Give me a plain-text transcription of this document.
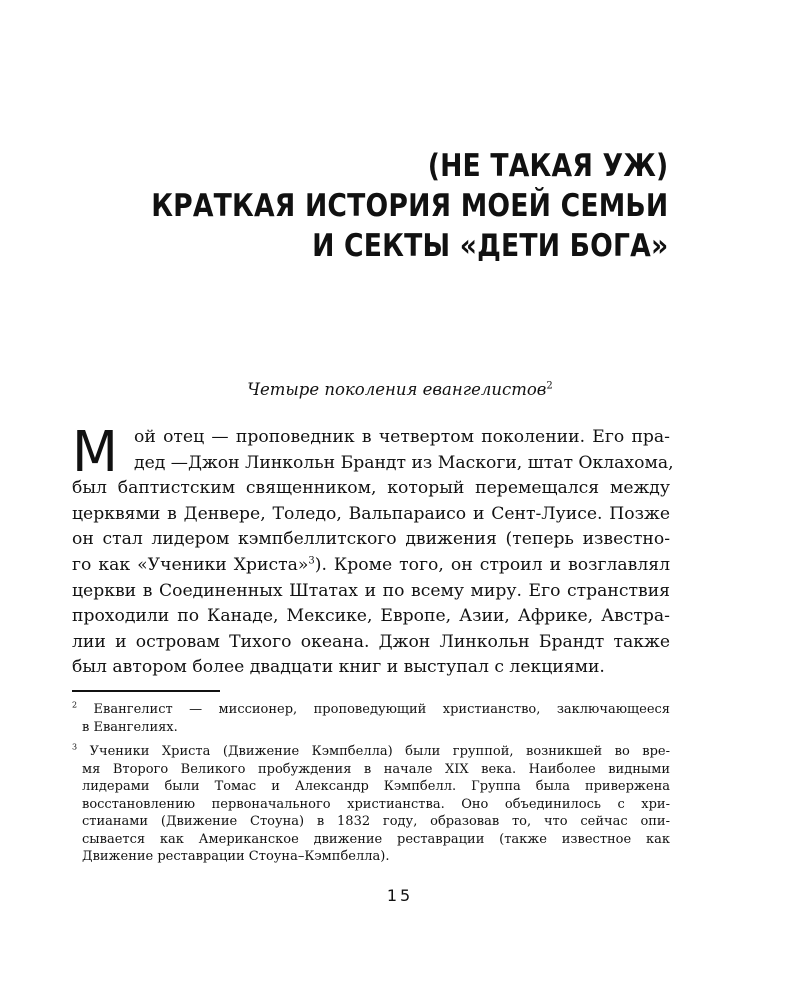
(НЕ ТАКАЯ УЖ)
КРАТКАЯ ИСТОРИЯ МОЕЙ СЕМЬИ
И СЕКТЫ «ДЕТИ БОГА»
Четыре поколения евангелистов$^2$
М ой отец — проповедник в четвертом поколении. Его пра-
дед —Джон Линкольн Брандт из Маскоги, штат Оклахома,
был баптистским священником, который перемещался между
церквями в Денвере, Толедо, Вальпараисо и Сент-Луисе. Позже
он стал лидером кэмпбеллитского движения (теперь известно-
го как «Ученики Христа»$^3$). Кроме того, он строил и возглавлял
церкви в Соединенных Штатах и по всему миру. Его странствия
проходили по Канаде, Мексике, Европе, Азии, Африке, Австра-
лии и островам Тихого океана. Джон Линкольн Брандт также
был автором более двадцати книг и выступал с лекциями.
$^2$ Евангелист — миссионер, проповедующий христианство, заключающееся
в Евангелиях.
$^3$ Ученики Христа (Движение Кэмпбелла) были группой, возникшей во вре-
мя Второго Великого пробуждения в начале XIX века. Наиболее видными
лидерами были Томас и Александр Кэмпбелл. Группа была привержена
восстановлению первоначального христианства. Оно объединилось с хри-
стианами (Движение Стоуна) в 1832 году, образовав то, что сейчас опи-
сывается как Американское движение реставрации (также известное как
Движение реставрации Стоуна–Кэмпбелла).
15
